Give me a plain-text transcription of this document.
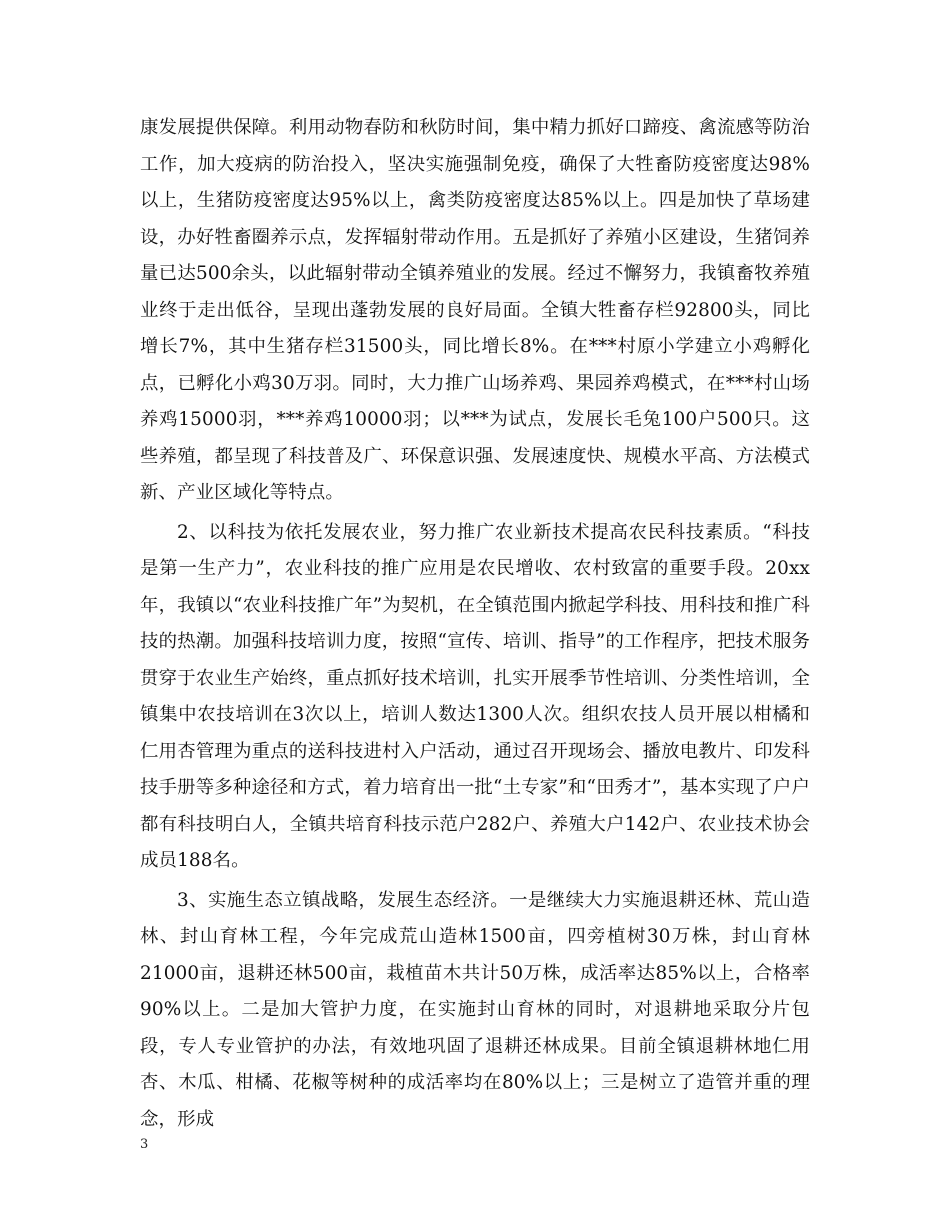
康发展提供保障。利用动物春防和秋防时间，集中精力抓好口蹄疫、禽流感等防治工作，加大疫病的防治投入，坚决实施强制免疫，确保了大牲畜防疫密度达98%以上，生猪防疫密度达95%以上，禽类防疫密度达85%以上。四是加快了草场建设，办好牲畜圈养示点，发挥辐射带动作用。五是抓好了养殖小区建设，生猪饲养量已达500余头，以此辐射带动全镇养殖业的发展。经过不懈努力，我镇畜牧养殖业终于走出低谷，呈现出蓬勃发展的良好局面。全镇大牲畜存栏92800头，同比增长7%，其中生猪存栏31500头，同比增长8%。在***村原小学建立小鸡孵化点，已孵化小鸡30万羽。同时，大力推广山场养鸡、果园养鸡模式，在***村山场养鸡15000羽，***养鸡10000羽；以***为试点，发展长毛兔100户500只。这些养殖，都呈现了科技普及广、环保意识强、发展速度快、规模水平高、方法模式新、产业区域化等特点。

2、以科技为依托发展农业，努力推广农业新技术提高农民科技素质。“科技是第一生产力”，农业科技的推广应用是农民增收、农村致富的重要手段。20xx年，我镇以“农业科技推广年”为契机，在全镇范围内掀起学科技、用科技和推广科技的热潮。加强科技培训力度，按照“宣传、培训、指导”的工作程序，把技术服务贯穿于农业生产始终，重点抓好技术培训，扎实开展季节性培训、分类性培训，全镇集中农技培训在3次以上，培训人数达1300人次。组织农技人员开展以柑橘和仁用杏管理为重点的送科技进村入户活动，通过召开现场会、播放电教片、印发科技手册等多种途径和方式，着力培育出一批“土专家”和“田秀才”，基本实现了户户都有科技明白人，全镇共培育科技示范户282户、养殖大户142户、农业技术协会成员188名。

3、实施生态立镇战略，发展生态经济。一是继续大力实施退耕还林、荒山造林、封山育林工程，今年完成荒山造林1500亩，四旁植树30万株，封山育林21000亩，退耕还林500亩，栽植苗木共计50万株，成活率达85%以上，合格率90%以上。二是加大管护力度，在实施封山育林的同时，对退耕地采取分片包段，专人专业管护的办法，有效地巩固了退耕还林成果。目前全镇退耕林地仁用杏、木瓜、柑橘、花椒等树种的成活率均在80%以上；三是树立了造管并重的理念，形成

3
